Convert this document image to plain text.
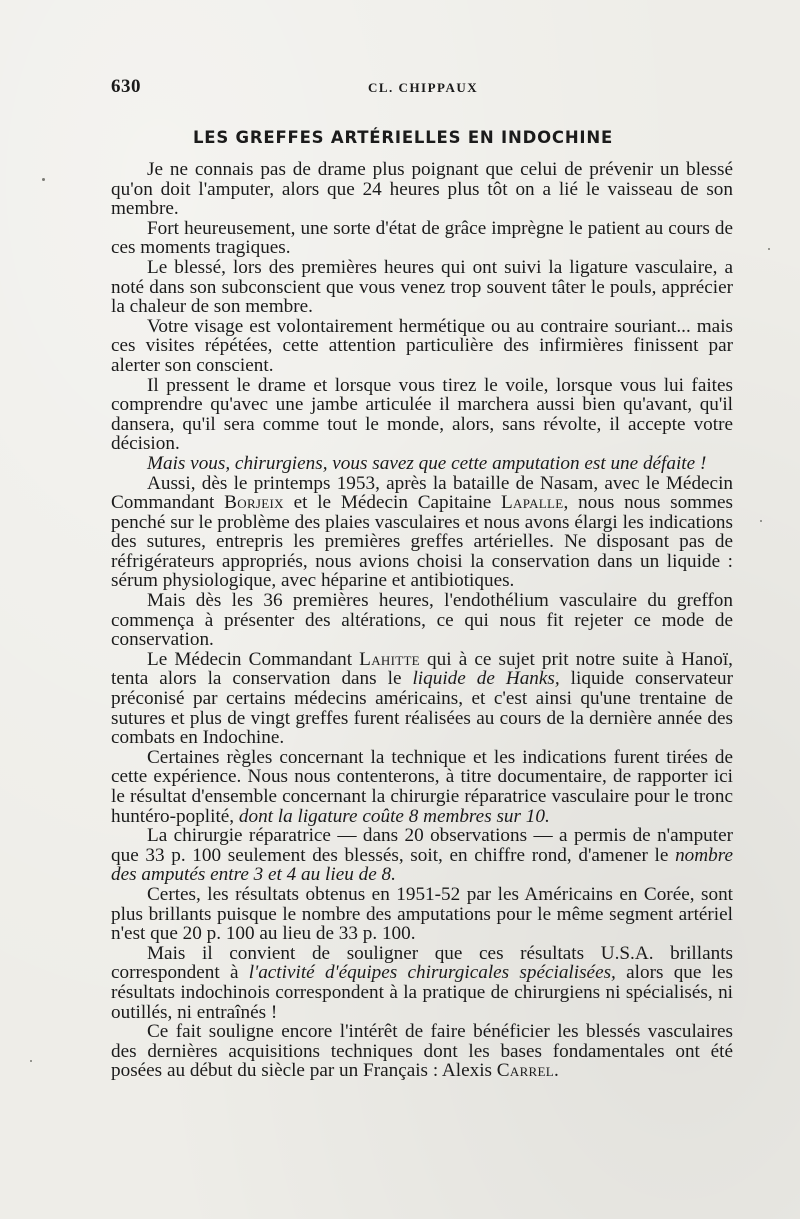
630	CL. CHIPPAUX
LES GREFFES ARTÉRIELLES EN INDOCHINE

Je ne connais pas de drame plus poignant que celui de prévenir un blessé qu'on doit l'amputer, alors que 24 heures plus tôt on a lié le vaisseau de son membre.

Fort heureusement, une sorte d'état de grâce imprègne le patient au cours de ces moments tragiques.

Le blessé, lors des premières heures qui ont suivi la ligature vasculaire, a noté dans son subconscient que vous venez trop souvent tâter le pouls, apprécier la chaleur de son membre.

Votre visage est volontairement hermétique ou au contraire souriant... mais ces visites répétées, cette attention particulière des infirmières finissent par alerter son conscient.

Il pressent le drame et lorsque vous tirez le voile, lorsque vous lui faites comprendre qu'avec une jambe articulée il marchera aussi bien qu'avant, qu'il dansera, qu'il sera comme tout le monde, alors, sans révolte, il accepte votre décision.

Mais vous, chirurgiens, vous savez que cette amputation est une défaite !

Aussi, dès le printemps 1953, après la bataille de Nasam, avec le Médecin Commandant Borjeix et le Médecin Capitaine Lapalle, nous nous sommes penché sur le problème des plaies vasculaires et nous avons élargi les indications des sutures, entrepris les premières greffes artérielles. Ne disposant pas de réfrigérateurs appropriés, nous avions choisi la conservation dans un liquide : sérum physiologique, avec héparine et antibiotiques.

Mais dès les 36 premières heures, l'endothélium vasculaire du greffon commença à présenter des altérations, ce qui nous fit rejeter ce mode de conservation.

Le Médecin Commandant Lahitte qui à ce sujet prit notre suite à Hanoï, tenta alors la conservation dans le liquide de Hanks, liquide conservateur préconisé par certains médecins américains, et c'est ainsi qu'une trentaine de sutures et plus de vingt greffes furent réalisées au cours de la dernière année des combats en Indochine.

Certaines règles concernant la technique et les indications furent tirées de cette expérience. Nous nous contenterons, à titre documentaire, de rapporter ici le résultat d'ensemble concernant la chirurgie réparatrice vasculaire pour le tronc huntéro-poplité, dont la ligature coûte 8 membres sur 10.

La chirurgie réparatrice — dans 20 observations — a permis de n'amputer que 33 p. 100 seulement des blessés, soit, en chiffre rond, d'amener le nombre des amputés entre 3 et 4 au lieu de 8.

Certes, les résultats obtenus en 1951-52 par les Américains en Corée, sont plus brillants puisque le nombre des amputations pour le même segment artériel n'est que 20 p. 100 au lieu de 33 p. 100.

Mais il convient de souligner que ces résultats U.S.A. brillants correspondent à l'activité d'équipes chirurgicales spécialisées, alors que les résultats indochinois correspondent à la pratique de chirurgiens ni spécialisés, ni outillés, ni entraînés !

Ce fait souligne encore l'intérêt de faire bénéficier les blessés vasculaires des dernières acquisitions techniques dont les bases fondamentales ont été posées au début du siècle par un Français : Alexis Carrel.
